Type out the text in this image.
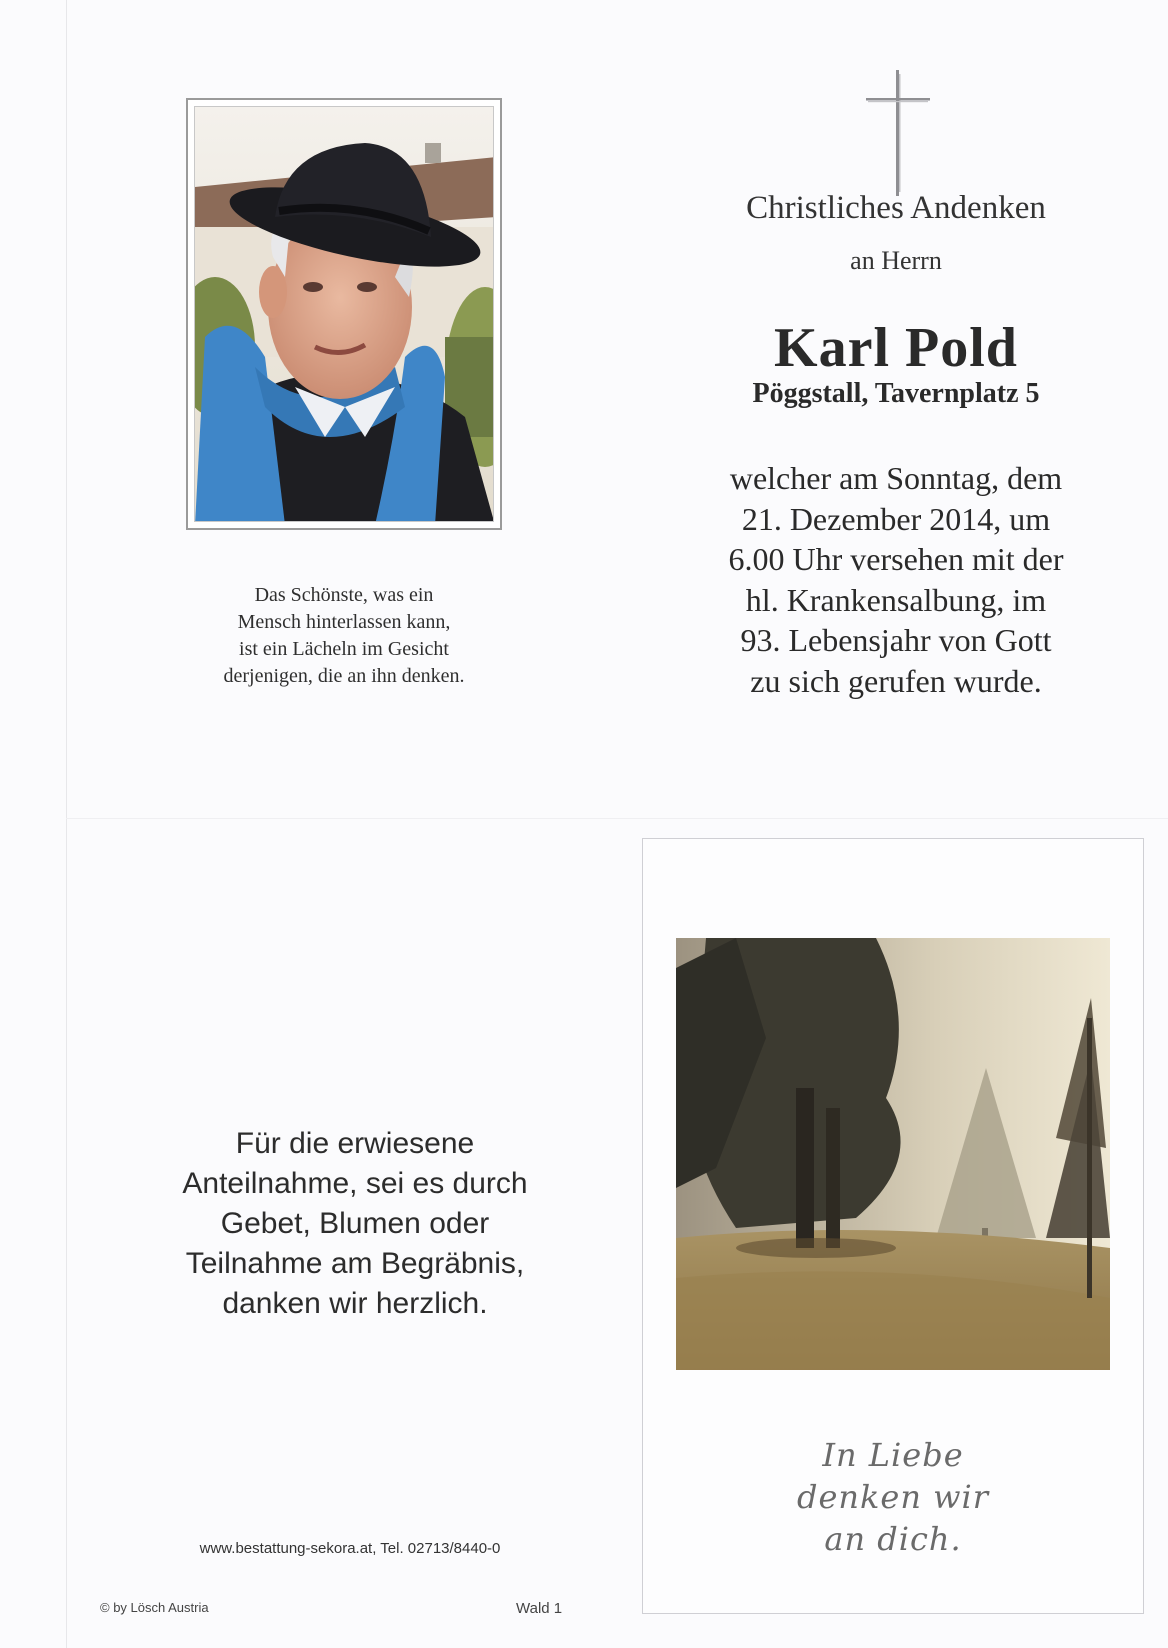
Das Schönste, was ein
Mensch hinterlassen kann,
ist ein Lächeln im Gesicht
derjenigen, die an ihn denken.
Christliches Andenken
an Herrn
Karl Pold
Pöggstall, Tavernplatz 5
welcher am Sonntag, dem
21. Dezember 2014, um
6.00 Uhr versehen mit der
hl. Krankensalbung, im
93. Lebensjahr von Gott
zu sich gerufen wurde.
Für die erwiesene
Anteilnahme, sei es durch
Gebet, Blumen oder
Teilnahme am Begräbnis,
danken wir herzlich.
www.bestattung-sekora.at, Tel. 02713/8440-0
© by Lösch Austria	Wald 1
In Liebe
denken wir
an dich.
